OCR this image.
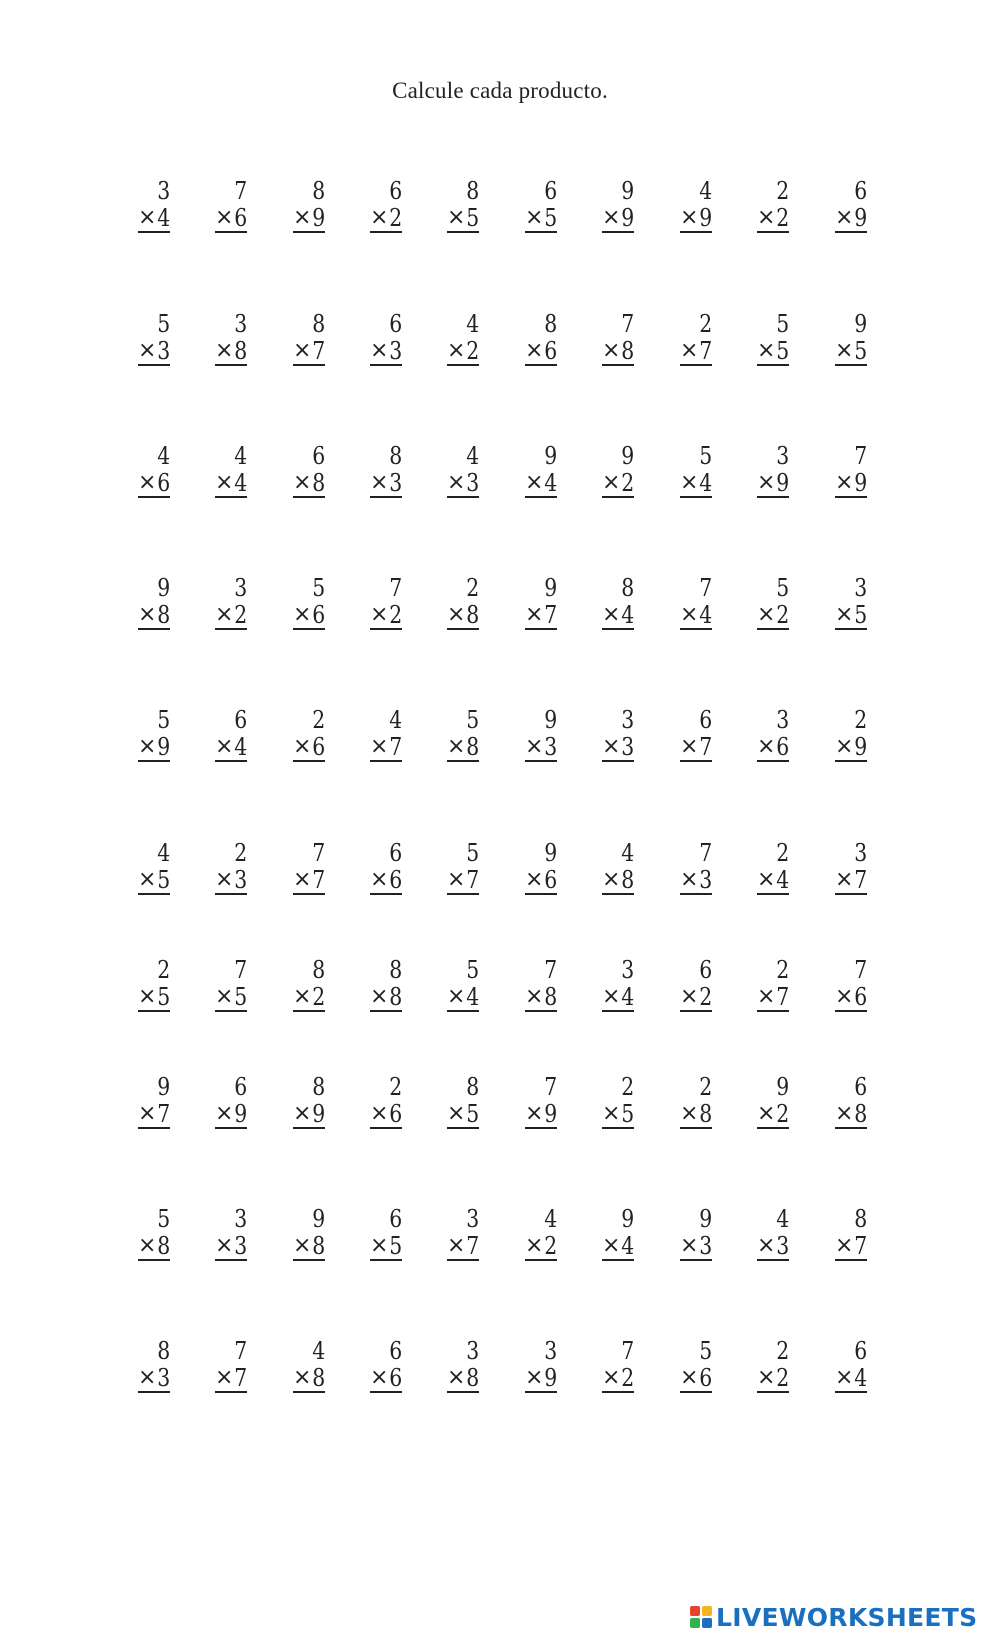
Calcule cada producto.
3
× 4
7
× 6
8
× 9
6
× 2
8
× 5
6
× 5
9
× 9
4
× 9
2
× 2
6
× 9
5
× 3
3
× 8
8
× 7
6
× 3
4
× 2
8
× 6
7
× 8
2
× 7
5
× 5
9
× 5
4
× 6
4
× 4
6
× 8
8
× 3
4
× 3
9
× 4
9
× 2
5
× 4
3
× 9
7
× 9
9
× 8
3
× 2
5
× 6
7
× 2
2
× 8
9
× 7
8
× 4
7
× 4
5
× 2
3
× 5
5
× 9
6
× 4
2
× 6
4
× 7
5
× 8
9
× 3
3
× 3
6
× 7
3
× 6
2
× 9
4
× 5
2
× 3
7
× 7
6
× 6
5
× 7
9
× 6
4
× 8
7
× 3
2
× 4
3
× 7
2
× 5
7
× 5
8
× 2
8
× 8
5
× 4
7
× 8
3
× 4
6
× 2
2
× 7
7
× 6
9
× 7
6
× 9
8
× 9
2
× 6
8
× 5
7
× 9
2
× 5
2
× 8
9
× 2
6
× 8
5
× 8
3
× 3
9
× 8
6
× 5
3
× 7
4
× 2
9
× 4
9
× 3
4
× 3
8
× 7
8
× 3
7
× 7
4
× 8
6
× 6
3
× 8
3
× 9
7
× 2
5
× 6
2
× 2
6
× 4
LIVEWORKSHEETS
